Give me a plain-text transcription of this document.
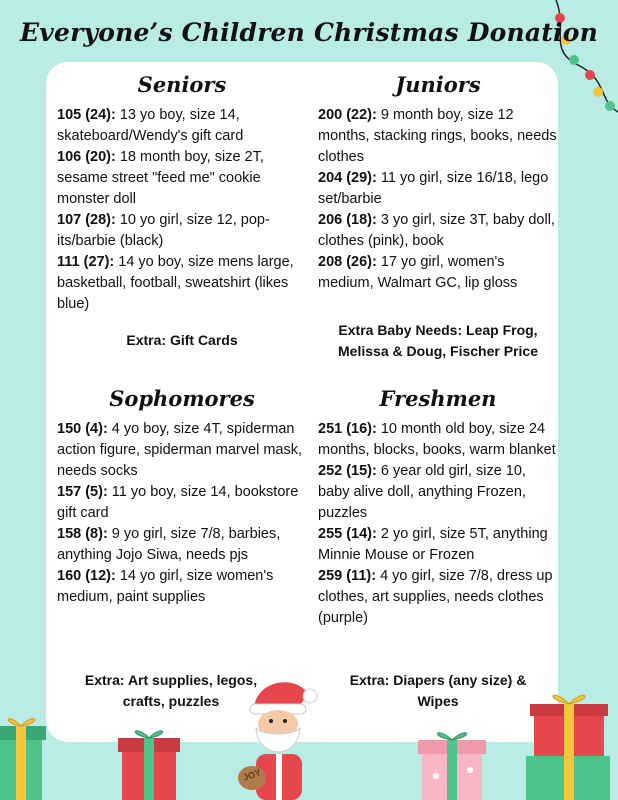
Everyone’s Children Christmas Donation
Seniors
105 (24): 13 yo boy, size 14, skateboard/Wendy's gift card
106 (20): 18 month boy, size 2T, sesame street "feed me" cookie monster doll
107 (28): 10 yo girl, size 12, pop-its/barbie (black)
111 (27): 14 yo boy, size mens large, basketball, football, sweatshirt (likes blue)
Extra: Gift Cards
Juniors
200 (22): 9 month boy, size 12 months, stacking rings, books, needs clothes
204 (29): 11 yo girl, size 16/18, lego set/barbie
206 (18): 3 yo girl, size 3T, baby doll, clothes (pink), book
208 (26): 17 yo girl, women's medium, Walmart GC, lip gloss
Extra Baby Needs: Leap Frog, Melissa & Doug, Fischer Price
Sophomores
150 (4): 4 yo boy, size 4T, spiderman action figure, spiderman marvel mask, needs socks
157 (5): 11 yo boy, size 14, bookstore gift card
158 (8): 9 yo girl, size 7/8, barbies, anything Jojo Siwa, needs pjs
160 (12): 14 yo girl, size women's medium, paint supplies
Extra: Art supplies, legos, crafts, puzzles
Freshmen
251 (16): 10 month old boy, size 24 months, blocks, books, warm blanket
252 (15): 6 year old girl, size 10, baby alive doll, anything Frozen, puzzles
255 (14): 2 yo girl, size 5T, anything Minnie Mouse or Frozen
259 (11): 4 yo girl, size 7/8, dress up clothes, art supplies, needs clothes (purple)
Extra: Diapers (any size) & Wipes
JOY
